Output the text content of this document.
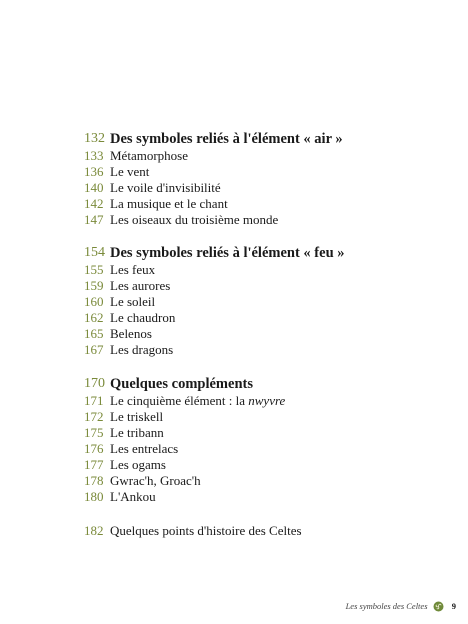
132 Des symboles reliés à l'élément « air »
133 Métamorphose
136 Le vent
140 Le voile d'invisibilité
142 La musique et le chant
147 Les oiseaux du troisième monde
154 Des symboles reliés à l'élément « feu »
155 Les feux
159 Les aurores
160 Le soleil
162 Le chaudron
165 Belenos
167 Les dragons
170 Quelques compléments
171 Le cinquième élément : la nwyvre
172 Le triskell
175 Le tribann
176 Les entrelacs
177 Les ogams
178 Gwrac'h, Groac'h
180 L'Ankou
182 Quelques points d'histoire des Celtes
Les symboles des Celtes	9
